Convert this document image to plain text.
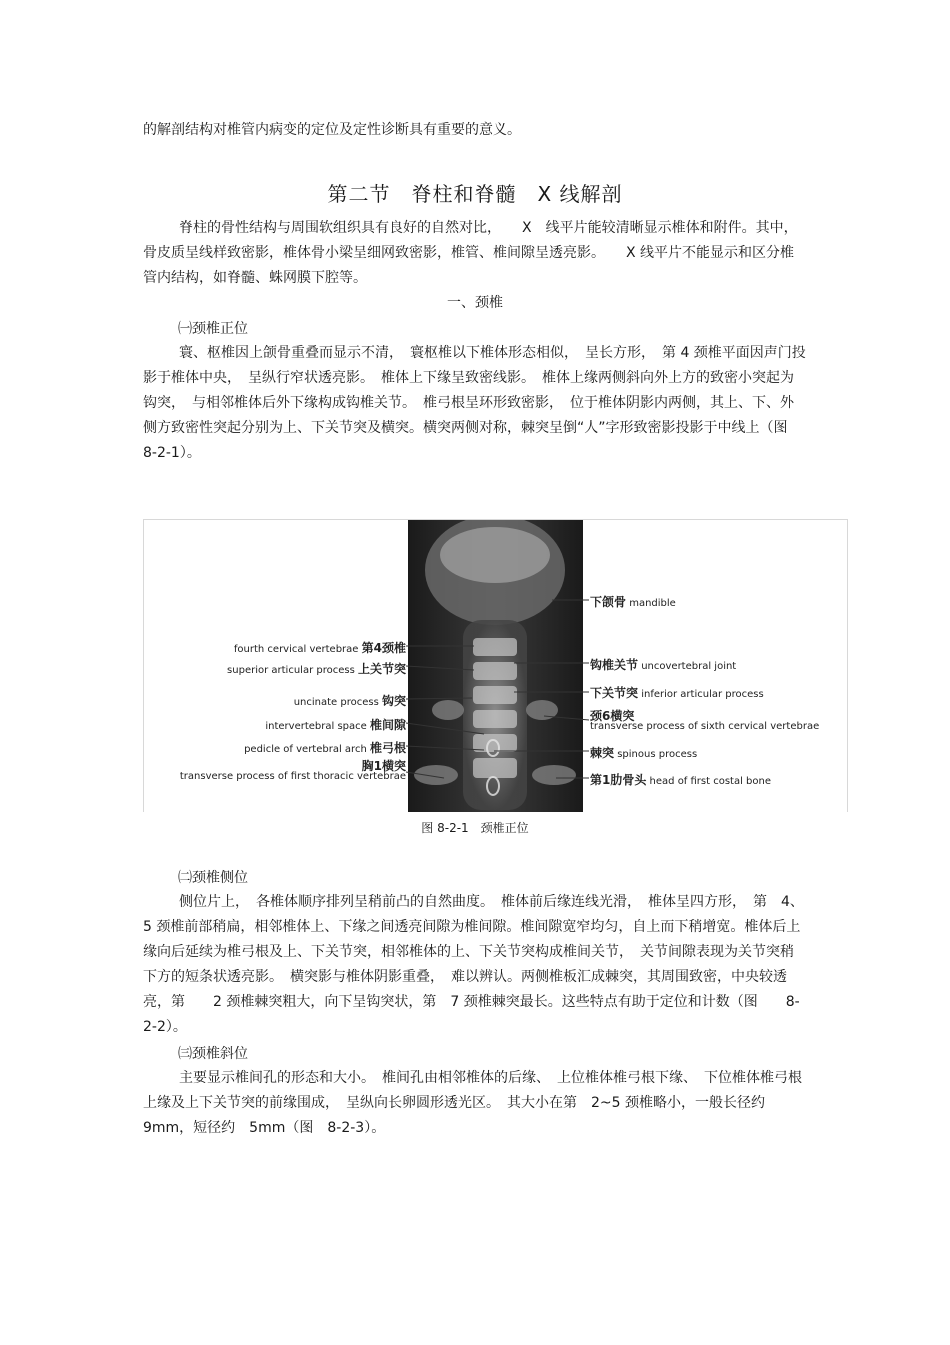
的解剖结构对椎管内病变的定位及定性诊断具有重要的意义。

第二节　脊柱和脊髓　X 线解剖

脊柱的骨性结构与周围软组织具有良好的自然对比，　　X　线平片能较清晰显示椎体和附件。其中，骨皮质呈线样致密影，椎体骨小梁呈细网致密影，椎管、椎间隙呈透亮影。　　X 线平片不能显示和区分椎管内结构，如脊髓、蛛网膜下腔等。

一、颈椎
㈠颈椎正位

寰、枢椎因上颌骨重叠而显示不清，　寰枢椎以下椎体形态相似，　呈长方形，　第 4 颈椎平面因声门投影于椎体中央，　呈纵行窄状透亮影。　椎体上下缘呈致密线影。　椎体上缘两侧斜向外上方的致密小突起为钩突，　与相邻椎体后外下缘构成钩椎关节。　椎弓根呈环形致密影，　位于椎体阴影内两侧，其上、下、外侧方致密性突起分别为上、下关节突及横突。横突两侧对称，棘突呈倒“人”字形致密影投影于中线上（图　　8-2-1）。

fourth cervical vertebrae 第4颈椎
superior articular process 上关节突
uncinate process 钩突
intervertebral space 椎间隙
pedicle of vertebral arch 椎弓根
胸1横突
transverse process of first thoracic vertebrae
下颌骨 mandible
钩椎关节 uncovertebral joint
下关节突 inferior articular process
颈6横突
transverse process of sixth cervical vertebrae
棘突 spinous process
第1肋骨头 head of first costal bone
图 8-2-1　颈椎正位
㈡颈椎侧位

侧位片上，　各椎体顺序排列呈稍前凸的自然曲度。　椎体前后缘连线光滑，　椎体呈四方形，　第　4、5 颈椎前部稍扁，相邻椎体上、下缘之间透亮间隙为椎间隙。椎间隙宽窄均匀，自上而下稍增宽。椎体后上缘向后延续为椎弓根及上、下关节突，相邻椎体的上、下关节突构成椎间关节，　关节间隙表现为关节突稍下方的短条状透亮影。　横突影与椎体阴影重叠，　难以辨认。两侧椎板汇成棘突，其周围致密，中央较透亮，第　　2 颈椎棘突粗大，向下呈钩突状，第　7 颈椎棘突最长。这些特点有助于定位和计数（图　　8-2-2）。

㈢颈椎斜位

主要显示椎间孔的形态和大小。　椎间孔由相邻椎体的后缘、　上位椎体椎弓根下缘、　下位椎体椎弓根上缘及上下关节突的前缘围成，　呈纵向长卵圆形透光区。　其大小在第　2~5 颈椎略小，一般长径约　9mm，短径约　5mm（图　8-2-3）。
